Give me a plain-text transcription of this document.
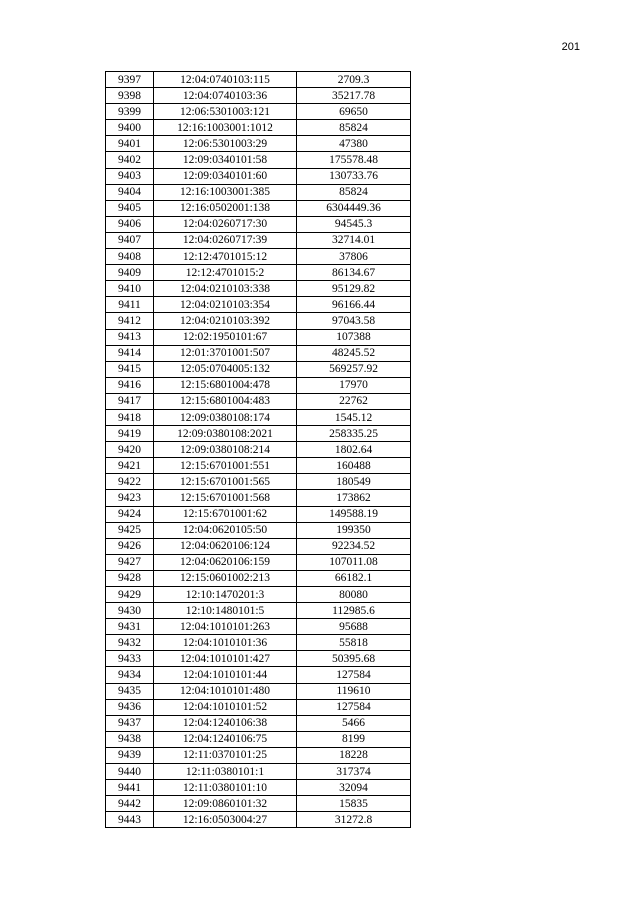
201
9397	12:04:0740103:115	2709.3
9398	12:04:0740103:36	35217.78
9399	12:06:5301003:121	69650
9400	12:16:1003001:1012	85824
9401	12:06:5301003:29	47380
9402	12:09:0340101:58	175578.48
9403	12:09:0340101:60	130733.76
9404	12:16:1003001:385	85824
9405	12:16:0502001:138	6304449.36
9406	12:04:0260717:30	94545.3
9407	12:04:0260717:39	32714.01
9408	12:12:4701015:12	37806
9409	12:12:4701015:2	86134.67
9410	12:04:0210103:338	95129.82
9411	12:04:0210103:354	96166.44
9412	12:04:0210103:392	97043.58
9413	12:02:1950101:67	107388
9414	12:01:3701001:507	48245.52
9415	12:05:0704005:132	569257.92
9416	12:15:6801004:478	17970
9417	12:15:6801004:483	22762
9418	12:09:0380108:174	1545.12
9419	12:09:0380108:2021	258335.25
9420	12:09:0380108:214	1802.64
9421	12:15:6701001:551	160488
9422	12:15:6701001:565	180549
9423	12:15:6701001:568	173862
9424	12:15:6701001:62	149588.19
9425	12:04:0620105:50	199350
9426	12:04:0620106:124	92234.52
9427	12:04:0620106:159	107011.08
9428	12:15:0601002:213	66182.1
9429	12:10:1470201:3	80080
9430	12:10:1480101:5	112985.6
9431	12:04:1010101:263	95688
9432	12:04:1010101:36	55818
9433	12:04:1010101:427	50395.68
9434	12:04:1010101:44	127584
9435	12:04:1010101:480	119610
9436	12:04:1010101:52	127584
9437	12:04:1240106:38	5466
9438	12:04:1240106:75	8199
9439	12:11:0370101:25	18228
9440	12:11:0380101:1	317374
9441	12:11:0380101:10	32094
9442	12:09:0860101:32	15835
9443	12:16:0503004:27	31272.8
